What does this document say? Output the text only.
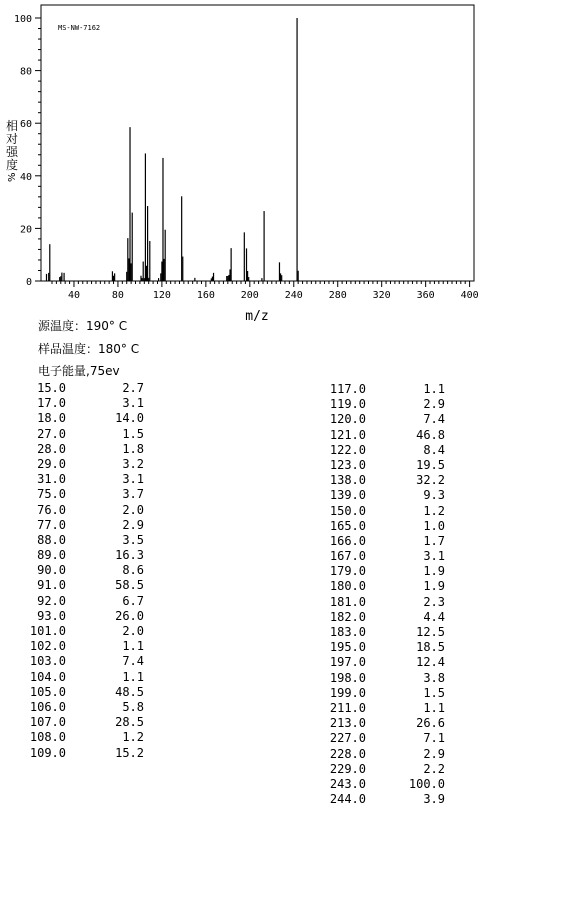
MS-NW-7162
0
20
40
60
80
100
40	80	120	160	200	240	280	320	360	400
相
对
强
度
%
m/z
源温度：190° C
样品温度：180° C
电子能量,75ev
15.0	2.7
17.0	3.1
18.0	14.0
27.0	1.5
28.0	1.8
29.0	3.2
31.0	3.1
75.0	3.7
76.0	2.0
77.0	2.9
88.0	3.5
89.0	16.3
90.0	8.6
91.0	58.5
92.0	6.7
93.0	26.0
101.0	2.0
102.0	1.1
103.0	7.4
104.0	1.1
105.0	48.5
106.0	5.8
107.0	28.5
108.0	1.2
109.0	15.2
117.0	1.1
119.0	2.9
120.0	7.4
121.0	46.8
122.0	8.4
123.0	19.5
138.0	32.2
139.0	9.3
150.0	1.2
165.0	1.0
166.0	1.7
167.0	3.1
179.0	1.9
180.0	1.9
181.0	2.3
182.0	4.4
183.0	12.5
195.0	18.5
197.0	12.4
198.0	3.8
199.0	1.5
211.0	1.1
213.0	26.6
227.0	7.1
228.0	2.9
229.0	2.2
243.0	100.0
244.0	3.9
